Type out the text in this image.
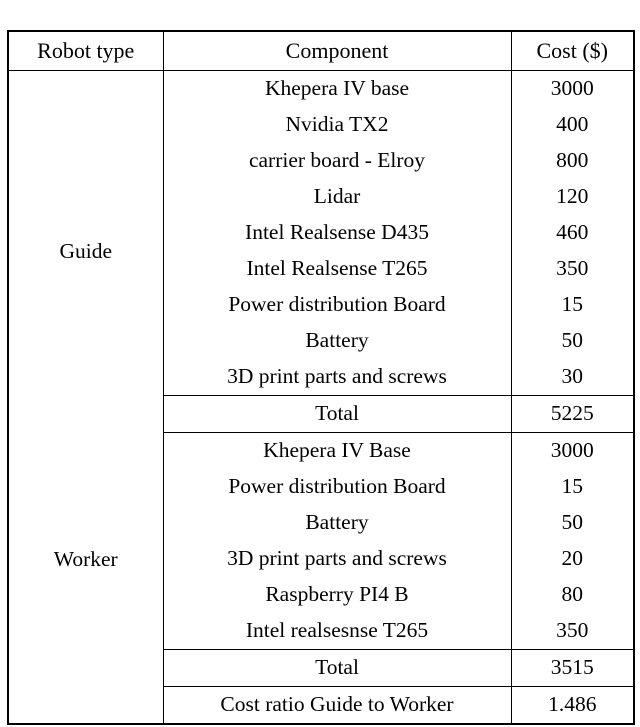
Robot type	Component	Cost ($)
Guide	Khepera IV base	3000
	Nvidia TX2	400
	carrier board - Elroy	800
	Lidar	120
	Intel Realsense D435	460
	Intel Realsense T265	350
	Power distribution Board	15
	Battery	50
	3D print parts and screws	30
	Total	5225
Worker	Khepera IV Base	3000
	Power distribution Board	15
	Battery	50
	3D print parts and screws	20
	Raspberry PI4 B	80
	Intel realsesnse T265	350
	Total	3515
	Cost ratio Guide to Worker	1.486
